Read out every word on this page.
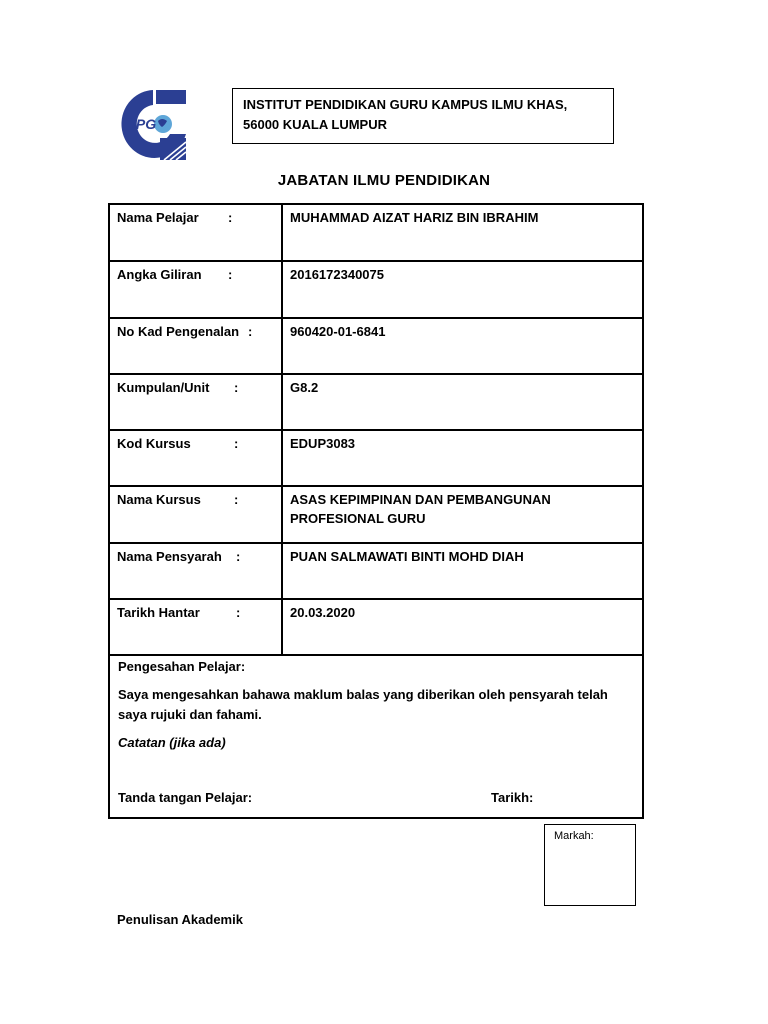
iPG
INSTITUT PENDIDIKAN GURU KAMPUS ILMU KHAS,
56000 KUALA LUMPUR
JABATAN ILMU PENDIDIKAN
Nama Pelajar :	MUHAMMAD AIZAT HARIZ BIN IBRAHIM
Angka Giliran :	2016172340075
No Kad Pengenalan :	960420-01-6841
Kumpulan/Unit :	G8.2
Kod Kursus :	EDUP3083
Nama Kursus :	ASAS KEPIMPINAN DAN PEMBANGUNAN PROFESIONAL GURU
Nama Pensyarah :	PUAN SALMAWATI BINTI MOHD DIAH
Tarikh Hantar :	20.03.2020
Pengesahan Pelajar:
Saya mengesahkan bahawa maklum balas yang diberikan oleh pensyarah telah saya rujuki dan fahami.
Catatan (jika ada)
Tanda tangan Pelajar:	Tarikh:
Markah:
Penulisan Akademik
